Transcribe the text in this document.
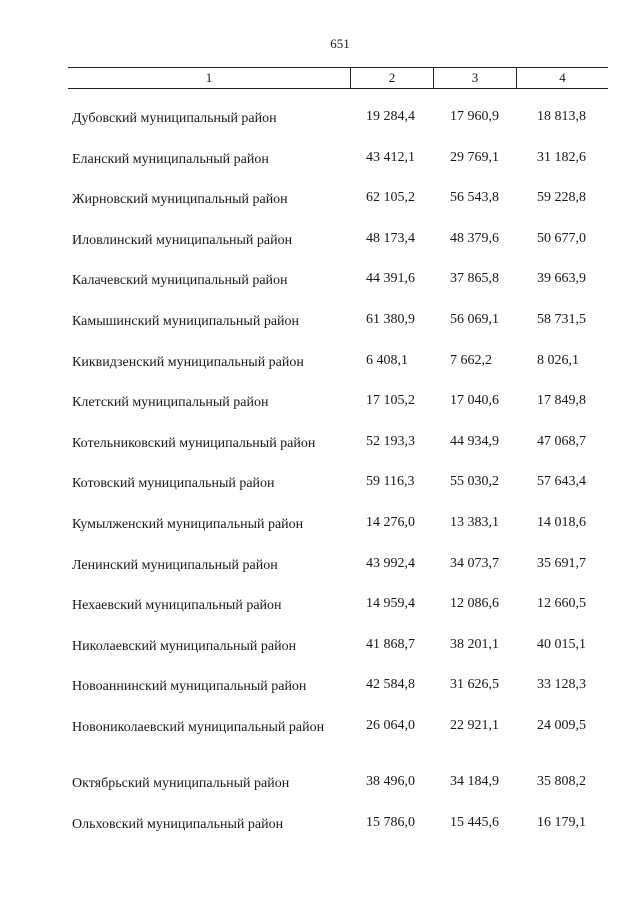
651
1	2	3	4
Дубовский муниципальный район	19 284,4	17 960,9	18 813,8
Еланский муниципальный район	43 412,1	29 769,1	31 182,6
Жирновский муниципальный район	62 105,2	56 543,8	59 228,8
Иловлинский муниципальный район	48 173,4	48 379,6	50 677,0
Калачевский муниципальный район	44 391,6	37 865,8	39 663,9
Камышинский муниципальный район	61 380,9	56 069,1	58 731,5
Киквидзенский муниципальный район	6 408,1	7 662,2	8 026,1
Клетский муниципальный район	17 105,2	17 040,6	17 849,8
Котельниковский муниципальный район	52 193,3	44 934,9	47 068,7
Котовский муниципальный район	59 116,3	55 030,2	57 643,4
Кумылженский муниципальный район	14 276,0	13 383,1	14 018,6
Ленинский муниципальный район	43 992,4	34 073,7	35 691,7
Нехаевский муниципальный район	14 959,4	12 086,6	12 660,5
Николаевский муниципальный район	41 868,7	38 201,1	40 015,1
Новоаннинский муниципальный район	42 584,8	31 626,5	33 128,3
Новониколаевский муниципальный район	26 064,0	22 921,1	24 009,5
Октябрьский муниципальный район	38 496,0	34 184,9	35 808,2
Ольховский муниципальный район	15 786,0	15 445,6	16 179,1
